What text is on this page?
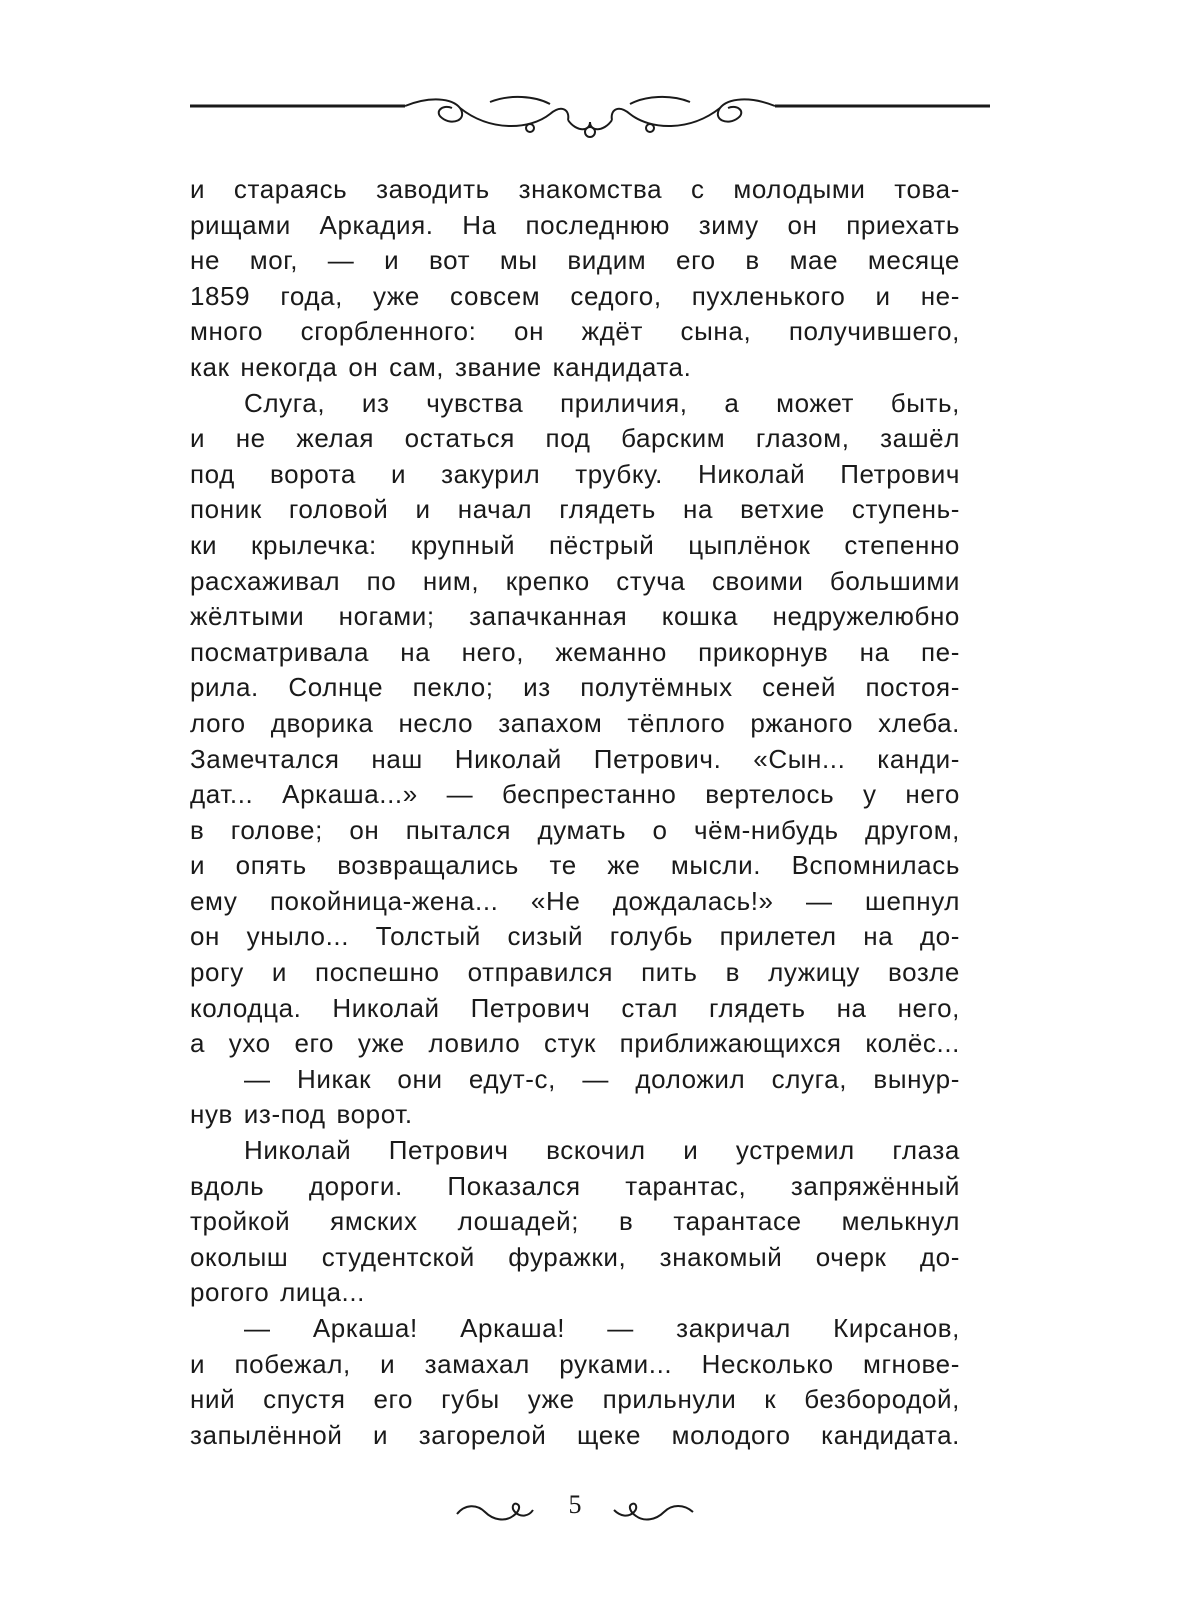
и стараясь заводить знакомства с молодыми това-
рищами Аркадия. На последнюю зиму он приехать
не мог, — и вот мы видим его в мае месяце
1859 года, уже совсем седого, пухленького и не-
много сгорбленного: он ждёт сына, получившего,
как некогда он сам, звание кандидата.
Слуга, из чувства приличия, а может быть,
и не желая остаться под барским глазом, зашёл
под ворота и закурил трубку. Николай Петрович
поник головой и начал глядеть на ветхие ступень-
ки крылечка: крупный пёстрый цыплёнок степенно
расхаживал по ним, крепко стуча своими большими
жёлтыми ногами; запачканная кошка недружелюбно
посматривала на него, жеманно прикорнув на пе-
рила. Солнце пекло; из полутёмных сеней постоя-
лого дворика несло запахом тёплого ржаного хлеба.
Замечтался наш Николай Петрович. «Сын... канди-
дат... Аркаша...» — беспрестанно вертелось у него
в голове; он пытался думать о чём-нибудь другом,
и опять возвращались те же мысли. Вспомнилась
ему покойница-жена... «Не дождалась!» — шепнул
он уныло... Толстый сизый голубь прилетел на до-
рогу и поспешно отправился пить в лужицу возле
колодца. Николай Петрович стал глядеть на него,
а ухо его уже ловило стук приближающихся колёс...
— Никак они едут-с, — доложил слуга, вынyр-
нув из-под ворот.
Николай Петрович вскочил и устремил глаза
вдоль дороги. Показался тарантас, запряжённый
тройкой ямских лошадей; в тарантасе мелькнул
околыш студентской фуражки, знакомый очерк до-
рогого лица...
— Аркаша! Аркаша! — закричал Кирсанов,
и побежал, и замахал руками... Несколько мгнове-
ний спустя его губы уже прильнули к безбородой,
запылённой и загорелой щеке молодого кандидата.
5
